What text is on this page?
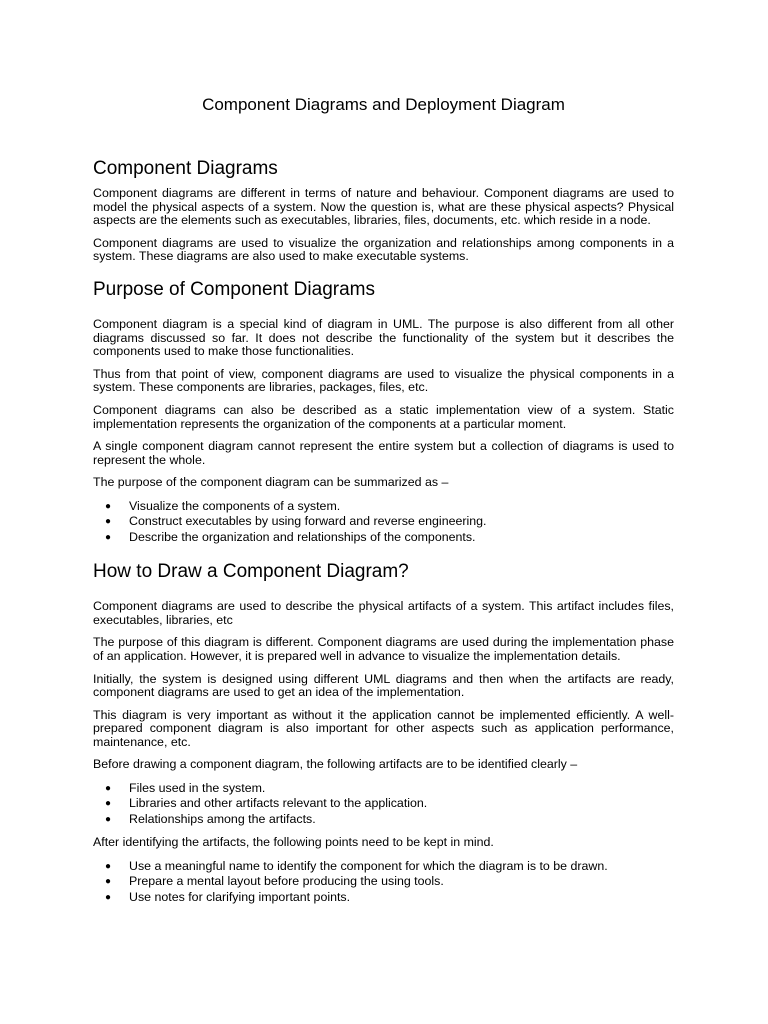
Component Diagrams and Deployment Diagram
Component Diagrams

Component diagrams are different in terms of nature and behaviour. Component diagrams are used to model the physical aspects of a system. Now the question is, what are these physical aspects? Physical aspects are the elements such as executables, libraries, files, documents, etc. which reside in a node.

Component diagrams are used to visualize the organization and relationships among components in a system. These diagrams are also used to make executable systems.

Purpose of Component Diagrams

Component diagram is a special kind of diagram in UML. The purpose is also different from all other diagrams discussed so far. It does not describe the functionality of the system but it describes the components used to make those functionalities.

Thus from that point of view, component diagrams are used to visualize the physical components in a system. These components are libraries, packages, files, etc.

Component diagrams can also be described as a static implementation view of a system. Static implementation represents the organization of the components at a particular moment.

A single component diagram cannot represent the entire system but a collection of diagrams is used to represent the whole.

The purpose of the component diagram can be summarized as –

● Visualize the components of a system.
● Construct executables by using forward and reverse engineering.
● Describe the organization and relationships of the components.
How to Draw a Component Diagram?

Component diagrams are used to describe the physical artifacts of a system. This artifact includes files, executables, libraries, etc

The purpose of this diagram is different. Component diagrams are used during the implementation phase of an application. However, it is prepared well in advance to visualize the implementation details.

Initially, the system is designed using different UML diagrams and then when the artifacts are ready, component diagrams are used to get an idea of the implementation.

This diagram is very important as without it the application cannot be implemented efficiently. A well-prepared component diagram is also important for other aspects such as application performance, maintenance, etc.

Before drawing a component diagram, the following artifacts are to be identified clearly –

● Files used in the system.
● Libraries and other artifacts relevant to the application.
● Relationships among the artifacts.

After identifying the artifacts, the following points need to be kept in mind.

● Use a meaningful name to identify the component for which the diagram is to be drawn.
● Prepare a mental layout before producing the using tools.
● Use notes for clarifying important points.
